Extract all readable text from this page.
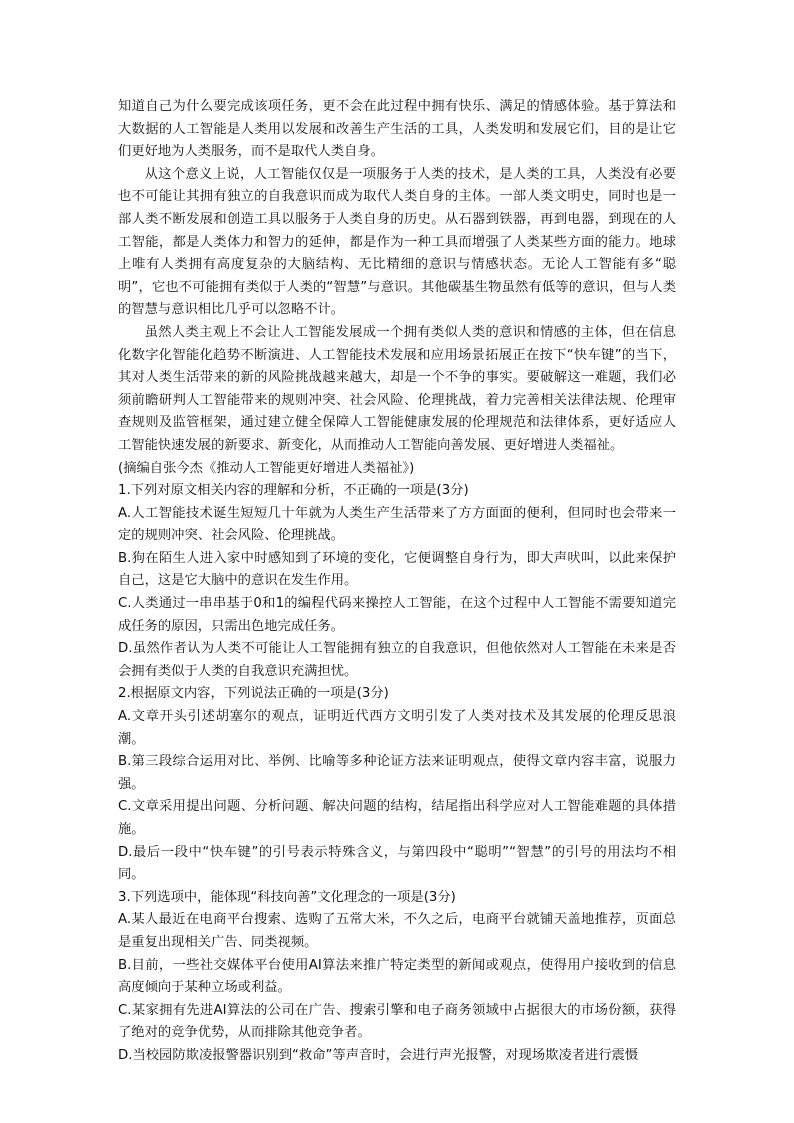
知道自己为什么要完成该项任务，更不会在此过程中拥有快乐、满足的情感体验。基于算法和大数据的人工智能是人类用以发展和改善生产生活的工具，人类发明和发展它们，目的是让它们更好地为人类服务，而不是取代人类自身。

从这个意义上说，人工智能仅仅是一项服务于人类的技术，是人类的工具，人类没有必要也不可能让其拥有独立的自我意识而成为取代人类自身的主体。一部人类文明史，同时也是一部人类不断发展和创造工具以服务于人类自身的历史。从石器到铁器，再到电器，到现在的人工智能，都是人类体力和智力的延伸，都是作为一种工具而增强了人类某些方面的能力。地球上唯有人类拥有高度复杂的大脑结构、无比精细的意识与情感状态。无论人工智能有多“聪明”，它也不可能拥有类似于人类的“智慧”与意识。其他碳基生物虽然有低等的意识，但与人类的智慧与意识相比几乎可以忽略不计。

虽然人类主观上不会让人工智能发展成一个拥有类似人类的意识和情感的主体，但在信息化数字化智能化趋势不断演进、人工智能技术发展和应用场景拓展正在按下“快车键”的当下，其对人类生活带来的新的风险挑战越来越大，却是一个不争的事实。要破解这一难题，我们必须前瞻研判人工智能带来的规则冲突、社会风险、伦理挑战，着力完善相关法律法规、伦理审查规则及监管框架，通过建立健全保障人工智能健康发展的伦理规范和法律体系，更好适应人工智能快速发展的新要求、新变化，从而推动人工智能向善发展、更好增进人类福祉。

(摘编自张今杰《推动人工智能更好增进人类福祉》)

1.下列对原文相关内容的理解和分析，不正确的一项是(3分)

A.人工智能技术诞生短短几十年就为人类生产生活带来了方方面面的便利，但同时也会带来一定的规则冲突、社会风险、伦理挑战。

B.狗在陌生人进入家中时感知到了环境的变化，它便调整自身行为，即大声吠叫，以此来保护自己，这是它大脑中的意识在发生作用。

C.人类通过一串串基于0和1的编程代码来操控人工智能，在这个过程中人工智能不需要知道完成任务的原因，只需出色地完成任务。

D.虽然作者认为人类不可能让人工智能拥有独立的自我意识，但他依然对人工智能在未来是否会拥有类似于人类的自我意识充满担忧。

2.根据原文内容，下列说法正确的一项是(3分)

A.文章开头引述胡塞尔的观点，证明近代西方文明引发了人类对技术及其发展的伦理反思浪潮。

B.第三段综合运用对比、举例、比喻等多种论证方法来证明观点，使得文章内容丰富，说服力强。

C.文章采用提出问题、分析问题、解决问题的结构，结尾指出科学应对人工智能难题的具体措施。

D.最后一段中“快车键”的引号表示特殊含义，与第四段中“聪明”“智慧”的引号的用法均不相同。

3.下列选项中，能体现“科技向善”文化理念的一项是(3分)

A.某人最近在电商平台搜索、选购了五常大米，不久之后，电商平台就铺天盖地推荐，页面总是重复出现相关广告、同类视频。

B.目前，一些社交媒体平台使用AI算法来推广特定类型的新闻或观点，使得用户接收到的信息高度倾向于某种立场或利益。

C.某家拥有先进AI算法的公司在广告、搜索引擎和电子商务领域中占据很大的市场份额，获得了绝对的竞争优势，从而排除其他竞争者。

D.当校园防欺凌报警器识别到“救命”等声音时，会进行声光报警，对现场欺凌者进行震慑
